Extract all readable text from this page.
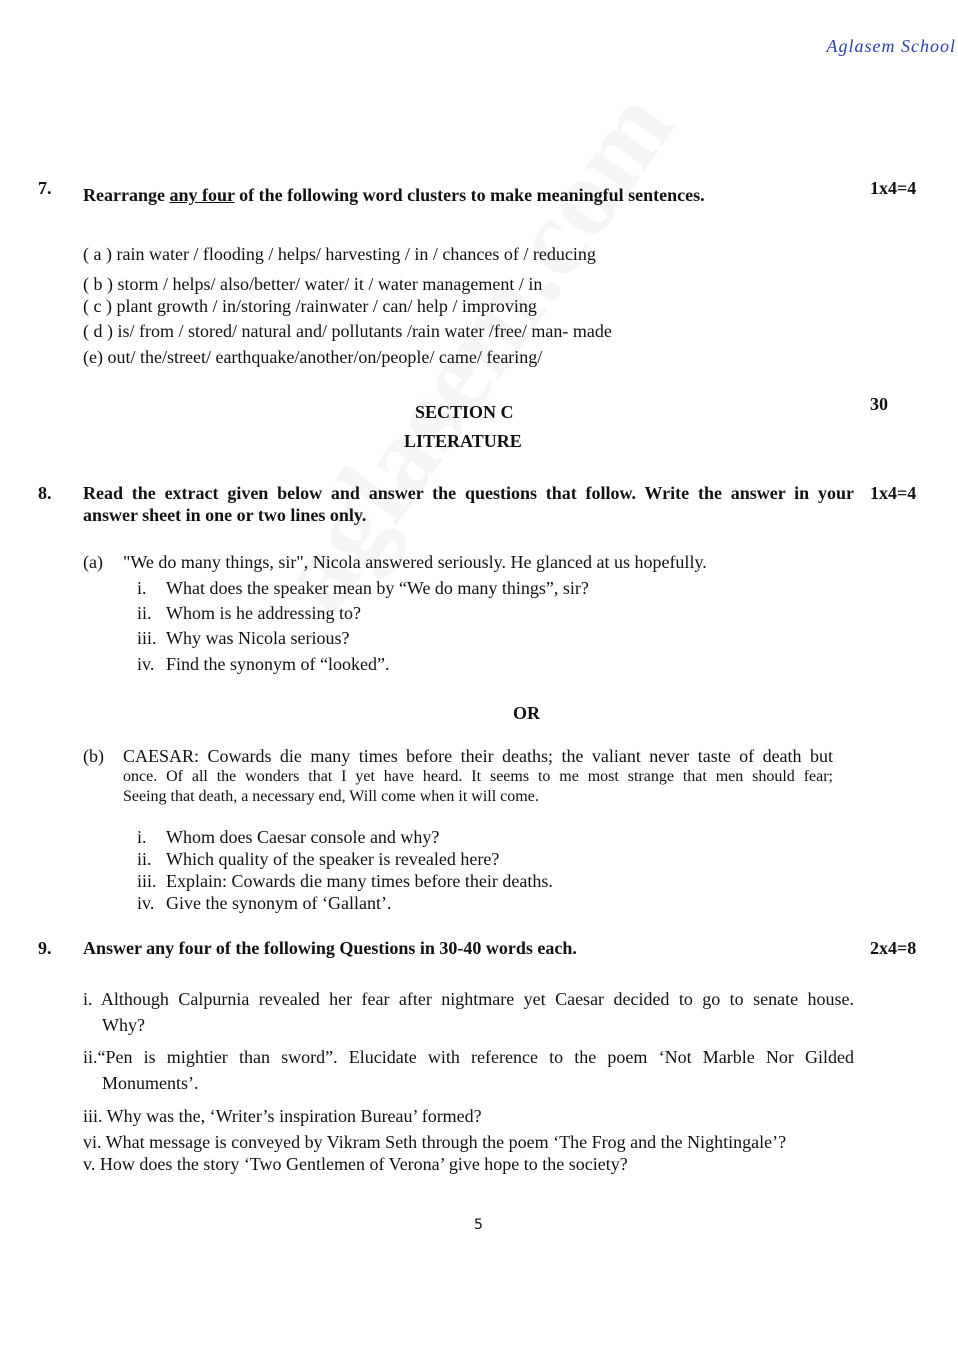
Aglasem School
7. Rearrange any four of the following word clusters to make meaningful sentences.	1x4=4
( a ) rain water / flooding / helps/ harvesting / in / chances of / reducing
( b ) storm / helps/ also/better/ water/ it / water management / in
( c ) plant growth / in/storing /rainwater / can/ help / improving
( d ) is/ from / stored/ natural and/ pollutants /rain water /free/ man- made
(e) out/ the/street/ earthquake/another/on/people/ came/ fearing/
SECTION C
LITERATURE
30
8. Read the extract given below and answer the questions that follow. Write the answer in your
answer sheet in one or two lines only.
1x4=4
(a) "We do many things, sir", Nicola answered seriously. He glanced at us hopefully.
i. What does the speaker mean by “We do many things”, sir?
ii. Whom is he addressing to?
iii. Why was Nicola serious?
iv. Find the synonym of “looked”.
OR
(b) CAESAR: Cowards die many times before their deaths; the valiant never taste of death but
once. Of all the wonders that I yet have heard. It seems to me most strange that men should fear;
Seeing that death, a necessary end, Will come when it will come.
i. Whom does Caesar console and why?
ii. Which quality of the speaker is revealed here?
iii. Explain: Cowards die many times before their deaths.
iv. Give the synonym of ‘Gallant’.
9. Answer any four of the following Questions in 30-40 words each.	2x4=8
i. Although Calpurnia revealed her fear after nightmare yet Caesar decided to go to senate house.
Why?
ii.“Pen is mightier than sword”. Elucidate with reference to the poem ‘Not Marble Nor Gilded
Monuments’.
iii. Why was the, ‘Writer’s inspiration Bureau’ formed?
vi. What message is conveyed by Vikram Seth through the poem ‘The Frog and the Nightingale’?
v. How does the story ‘Two Gentlemen of Verona’ give hope to the society?
5
